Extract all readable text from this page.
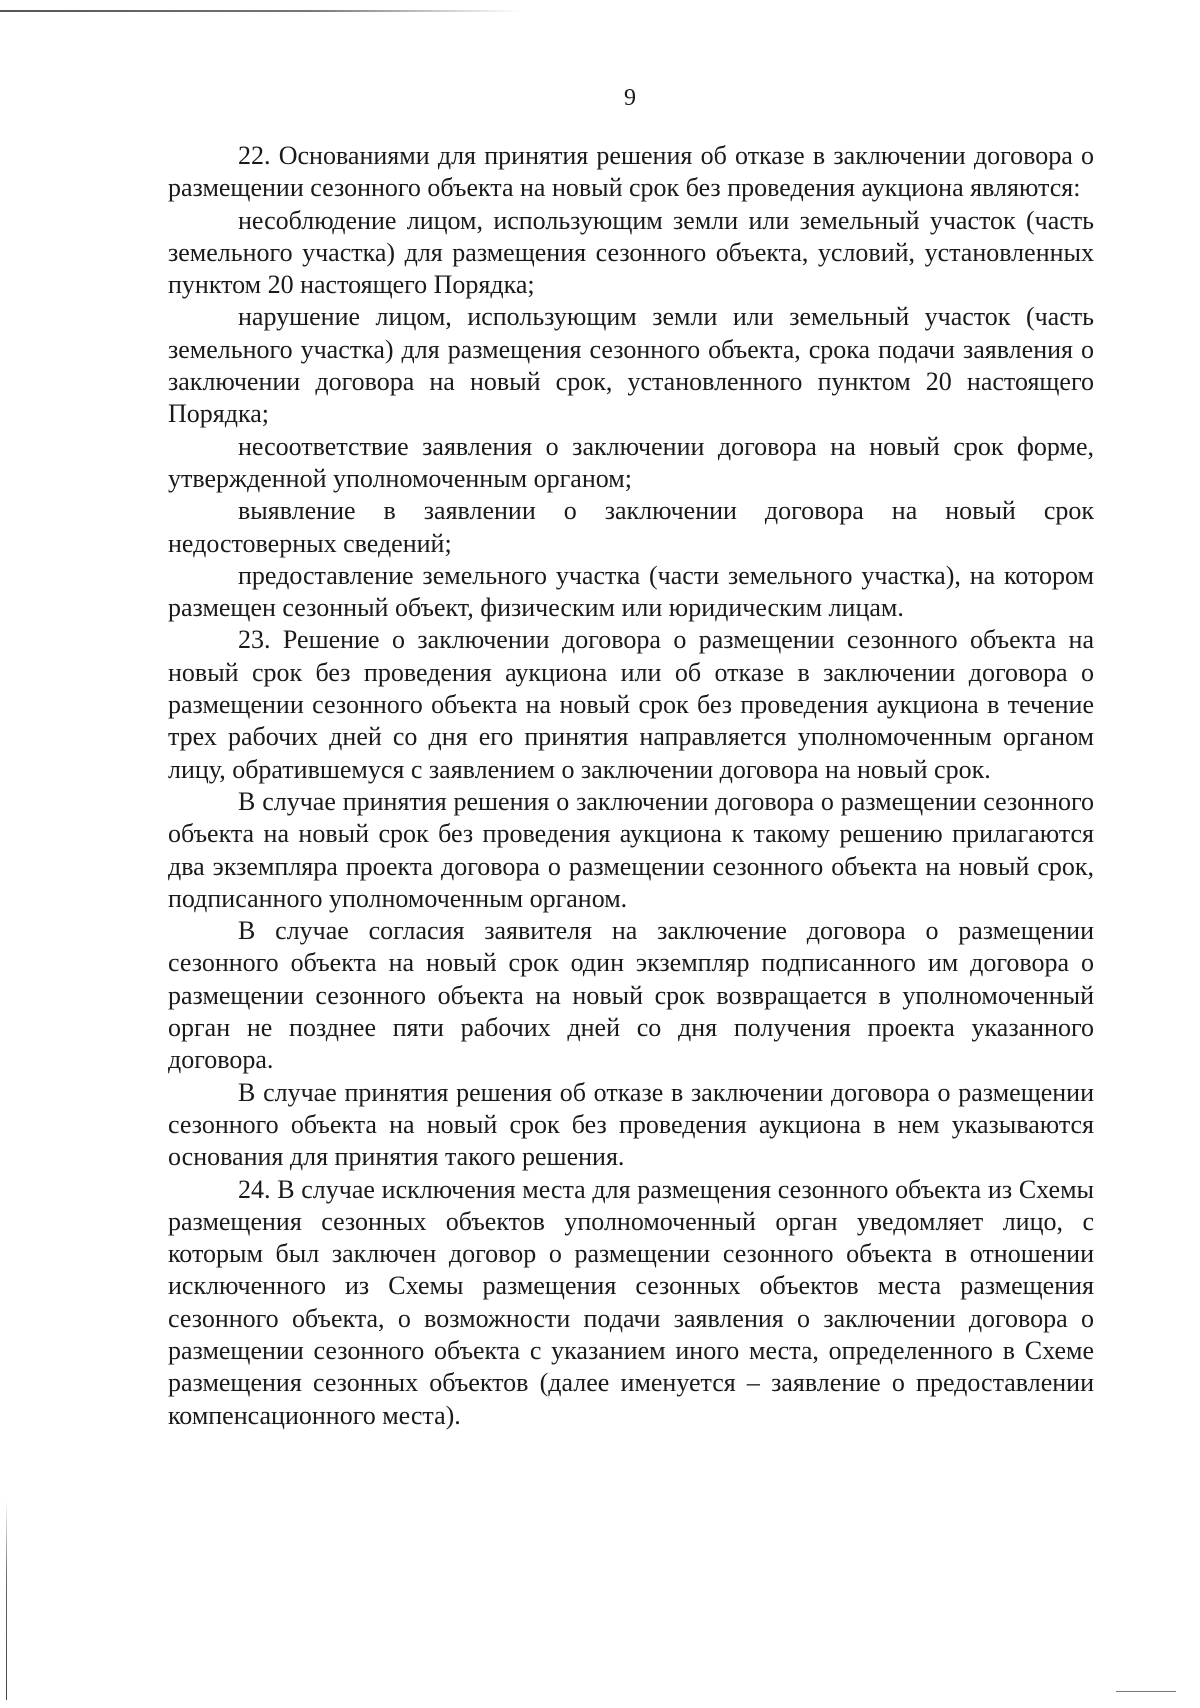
9

22. Основаниями для принятия решения об отказе в заключении договора о размещении сезонного объекта на новый срок без проведения аукциона являются:

несоблюдение лицом, использующим земли или земельный участок (часть земельного участка) для размещения сезонного объекта, условий, установленных пунктом 20 настоящего Порядка;

нарушение лицом, использующим земли или земельный участок (часть земельного участка) для размещения сезонного объекта, срока подачи заявления о заключении договора на новый срок, установленного пунктом 20 настоящего Порядка;

несоответствие заявления о заключении договора на новый срок форме, утвержденной уполномоченным органом;

выявление в заявлении о заключении договора на новый срок недостоверных сведений;

предоставление земельного участка (части земельного участка), на котором размещен сезонный объект, физическим или юридическим лицам.

23. Решение о заключении договора о размещении сезонного объекта на новый срок без проведения аукциона или об отказе в заключении договора о размещении сезонного объекта на новый срок без проведения аукциона в течение трех рабочих дней со дня его принятия направляется уполномоченным органом лицу, обратившемуся с заявлением о заключении договора на новый срок.

В случае принятия решения о заключении договора о размещении сезонного объекта на новый срок без проведения аукциона к такому решению прилагаются два экземпляра проекта договора о размещении сезонного объекта на новый срок, подписанного уполномоченным органом.

В случае согласия заявителя на заключение договора о размещении сезонного объекта на новый срок один экземпляр подписанного им договора о размещении сезонного объекта на новый срок возвращается в уполномоченный орган не позднее пяти рабочих дней со дня получения проекта указанного договора.

В случае принятия решения об отказе в заключении договора о размещении сезонного объекта на новый срок без проведения аукциона в нем указываются основания для принятия такого решения.

24. В случае исключения места для размещения сезонного объекта из Схемы размещения сезонных объектов уполномоченный орган уведомляет лицо, с которым был заключен договор о размещении сезонного объекта в отношении исключенного из Схемы размещения сезонных объектов места размещения сезонного объекта, о возможности подачи заявления о заключении договора о размещении сезонного объекта с указанием иного места, определенного в Схеме размещения сезонных объектов (далее именуется – заявление о предоставлении компенсационного места).
